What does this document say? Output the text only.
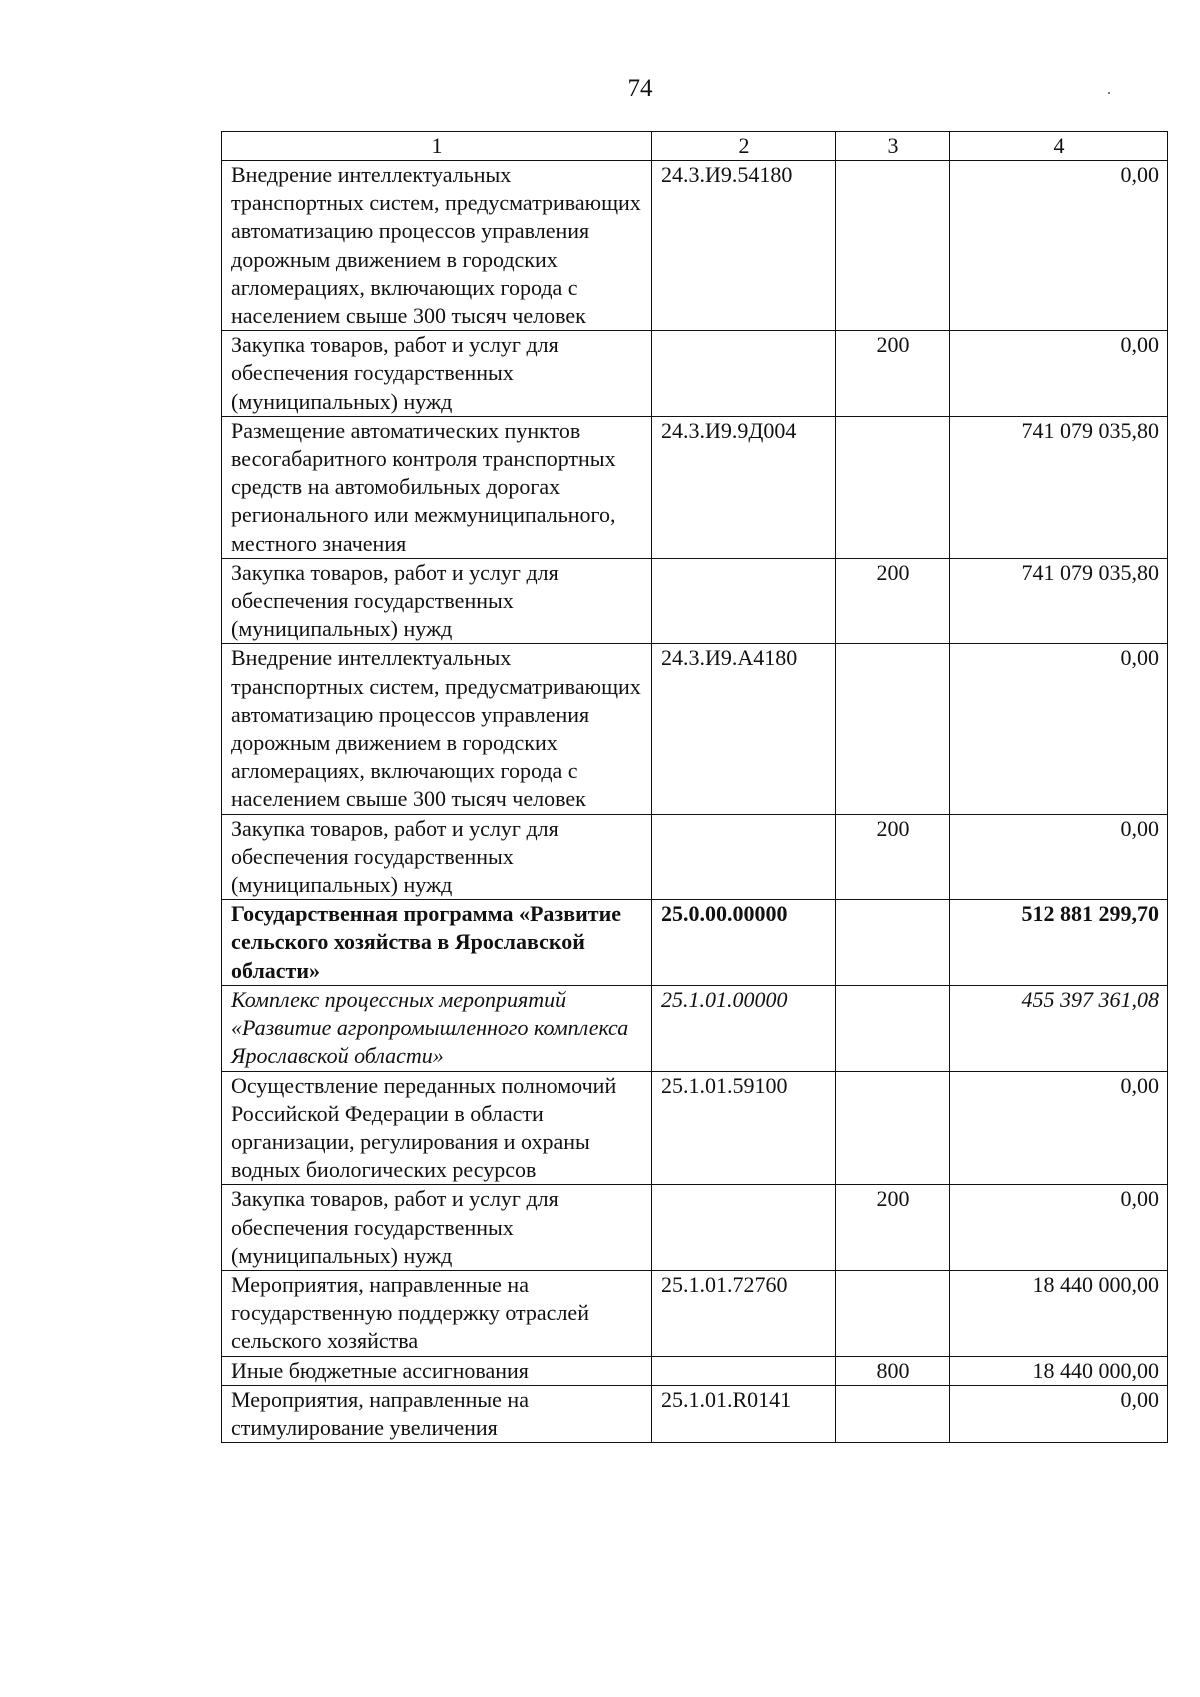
74
1	2	3	4
Внедрение интеллектуальных транспортных систем, предусматривающих автоматизацию процессов управления дорожным движением в городских агломерациях, включающих города с населением свыше 300 тысяч человек	24.3.И9.54180		0,00
Закупка товаров, работ и услуг для обеспечения государственных (муниципальных) нужд		200	0,00
Размещение автоматических пунктов весогабаритного контроля транспортных средств на автомобильных дорогах регионального или межмуниципального, местного значения	24.3.И9.9Д004		741 079 035,80
Закупка товаров, работ и услуг для обеспечения государственных (муниципальных) нужд		200	741 079 035,80
Внедрение интеллектуальных транспортных систем, предусматривающих автоматизацию процессов управления дорожным движением в городских агломерациях, включающих города с населением свыше 300 тысяч человек	24.3.И9.А4180		0,00
Закупка товаров, работ и услуг для обеспечения государственных (муниципальных) нужд		200	0,00
Государственная программа «Развитие сельского хозяйства в Ярославской области»	25.0.00.00000		512 881 299,70
Комплекс процессных мероприятий «Развитие агропромышленного комплекса Ярославской области»	25.1.01.00000		455 397 361,08
Осуществление переданных полномочий Российской Федерации в области организации, регулирования и охраны водных биологических ресурсов	25.1.01.59100		0,00
Закупка товаров, работ и услуг для обеспечения государственных (муниципальных) нужд		200	0,00
Мероприятия, направленные на государственную поддержку отраслей сельского хозяйства	25.1.01.72760		18 440 000,00
Иные бюджетные ассигнования		800	18 440 000,00
Мероприятия, направленные на стимулирование увеличения	25.1.01.R0141		0,00
